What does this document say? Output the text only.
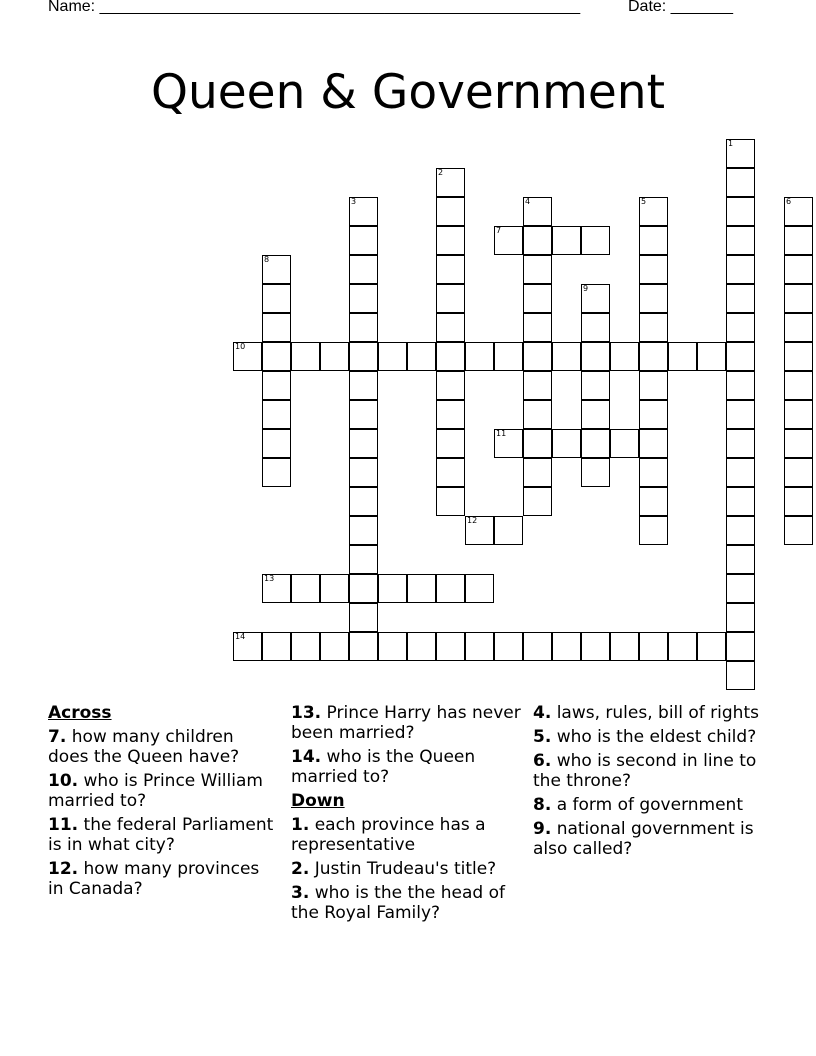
Name: ______________________________________________________	Date: _______
Queen & Government
1
2
3	4	5	6
7
8
9
10
11
12
13
14
Across
7. how many children does the Queen have?
10. who is Prince William married to?
11. the federal Parliament is in what city?
12. how many provinces in Canada?
13. Prince Harry has never been married?
14. who is the Queen married to?
Down
1. each province has a representative
2. Justin Trudeau's title?
3. who is the the head of the Royal Family?
4. laws, rules, bill of rights
5. who is the eldest child?
6. who is second in line to the throne?
8. a form of government
9. national government is also called?
